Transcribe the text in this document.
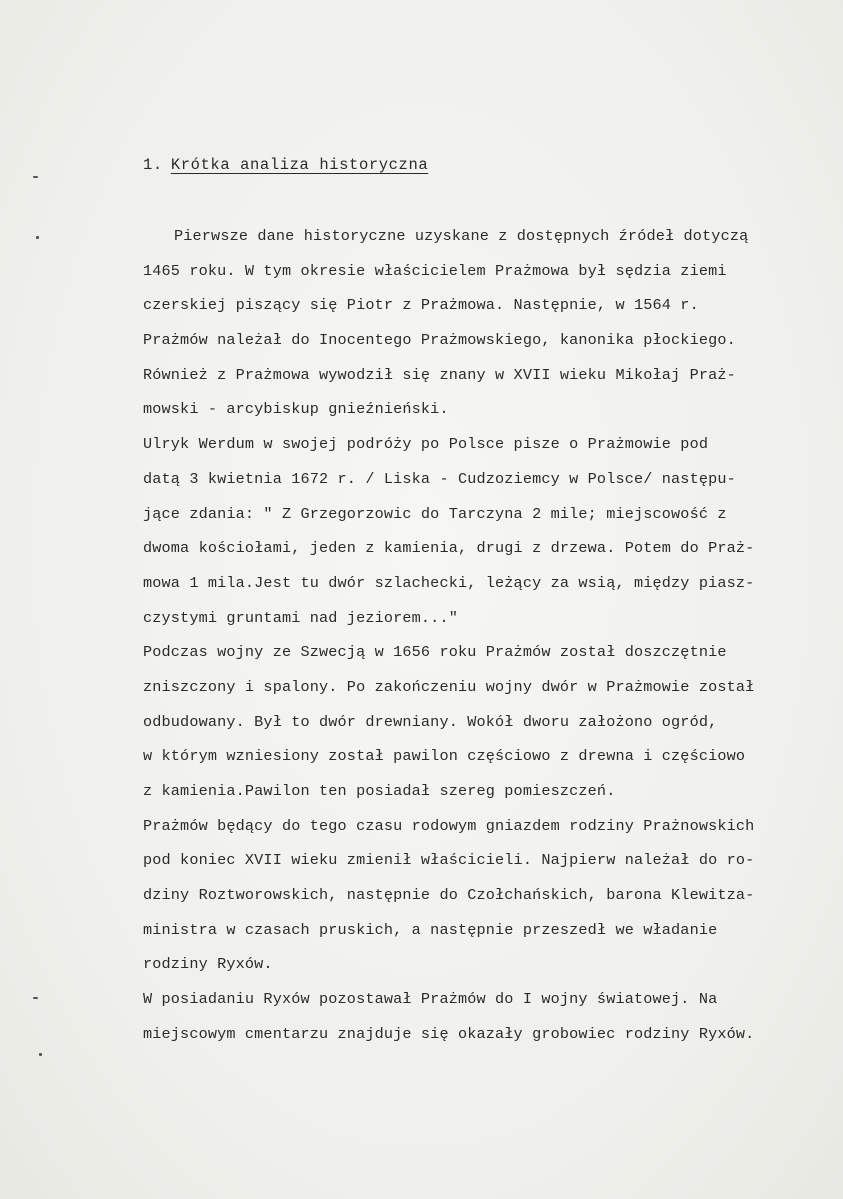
1. Krótka analiza historyczna
Pierwsze dane historyczne uzyskane z dostępnych źródeł dotyczą
1465 roku. W tym okresie właścicielem Prażmowa był sędzia ziemi
czerskiej piszący się Piotr z Prażmowa. Następnie, w 1564 r.
Prażmów należał do Inocentego Prażmowskiego, kanonika płockiego.
Również z Prażmowa wywodził się znany w XVII wieku Mikołaj Praż-
mowski - arcybiskup gnieźnieński.
Ulryk Werdum w swojej podróży po Polsce pisze o Prażmowie pod
datą 3 kwietnia 1672 r. / Liska - Cudzoziemcy w Polsce/ następu-
jące zdania: " Z Grzegorzowic do Tarczyna 2 mile; miejscowość z
dwoma kościołami, jeden z kamienia, drugi z drzewa. Potem do Praż-
mowa 1 mila.Jest tu dwór szlachecki, leżący za wsią, między piasz-
czystymi gruntami nad jeziorem..."
Podczas wojny ze Szwecją w 1656 roku Prażmów został doszczętnie
zniszczony i spalony. Po zakończeniu wojny dwór w Prażmowie został
odbudowany. Był to dwór drewniany. Wokół dworu założono ogród,
w którym wzniesiony został pawilon częściowo z drewna i częściowo
z kamienia.Pawilon ten posiadał szereg pomieszczeń.
Prażmów będący do tego czasu rodowym gniazdem rodziny Prażnowskich
pod koniec XVII wieku zmienił właścicieli. Najpierw należał do ro-
dziny Roztworowskich, następnie do Czołchańskich, barona Klewitza-
ministra w czasach pruskich, a następnie przeszedł we władanie
rodziny Ryxów.
W posiadaniu Ryxów pozostawał Prażmów do I wojny światowej. Na
miejscowym cmentarzu znajduje się okazały grobowiec rodziny Ryxów.
